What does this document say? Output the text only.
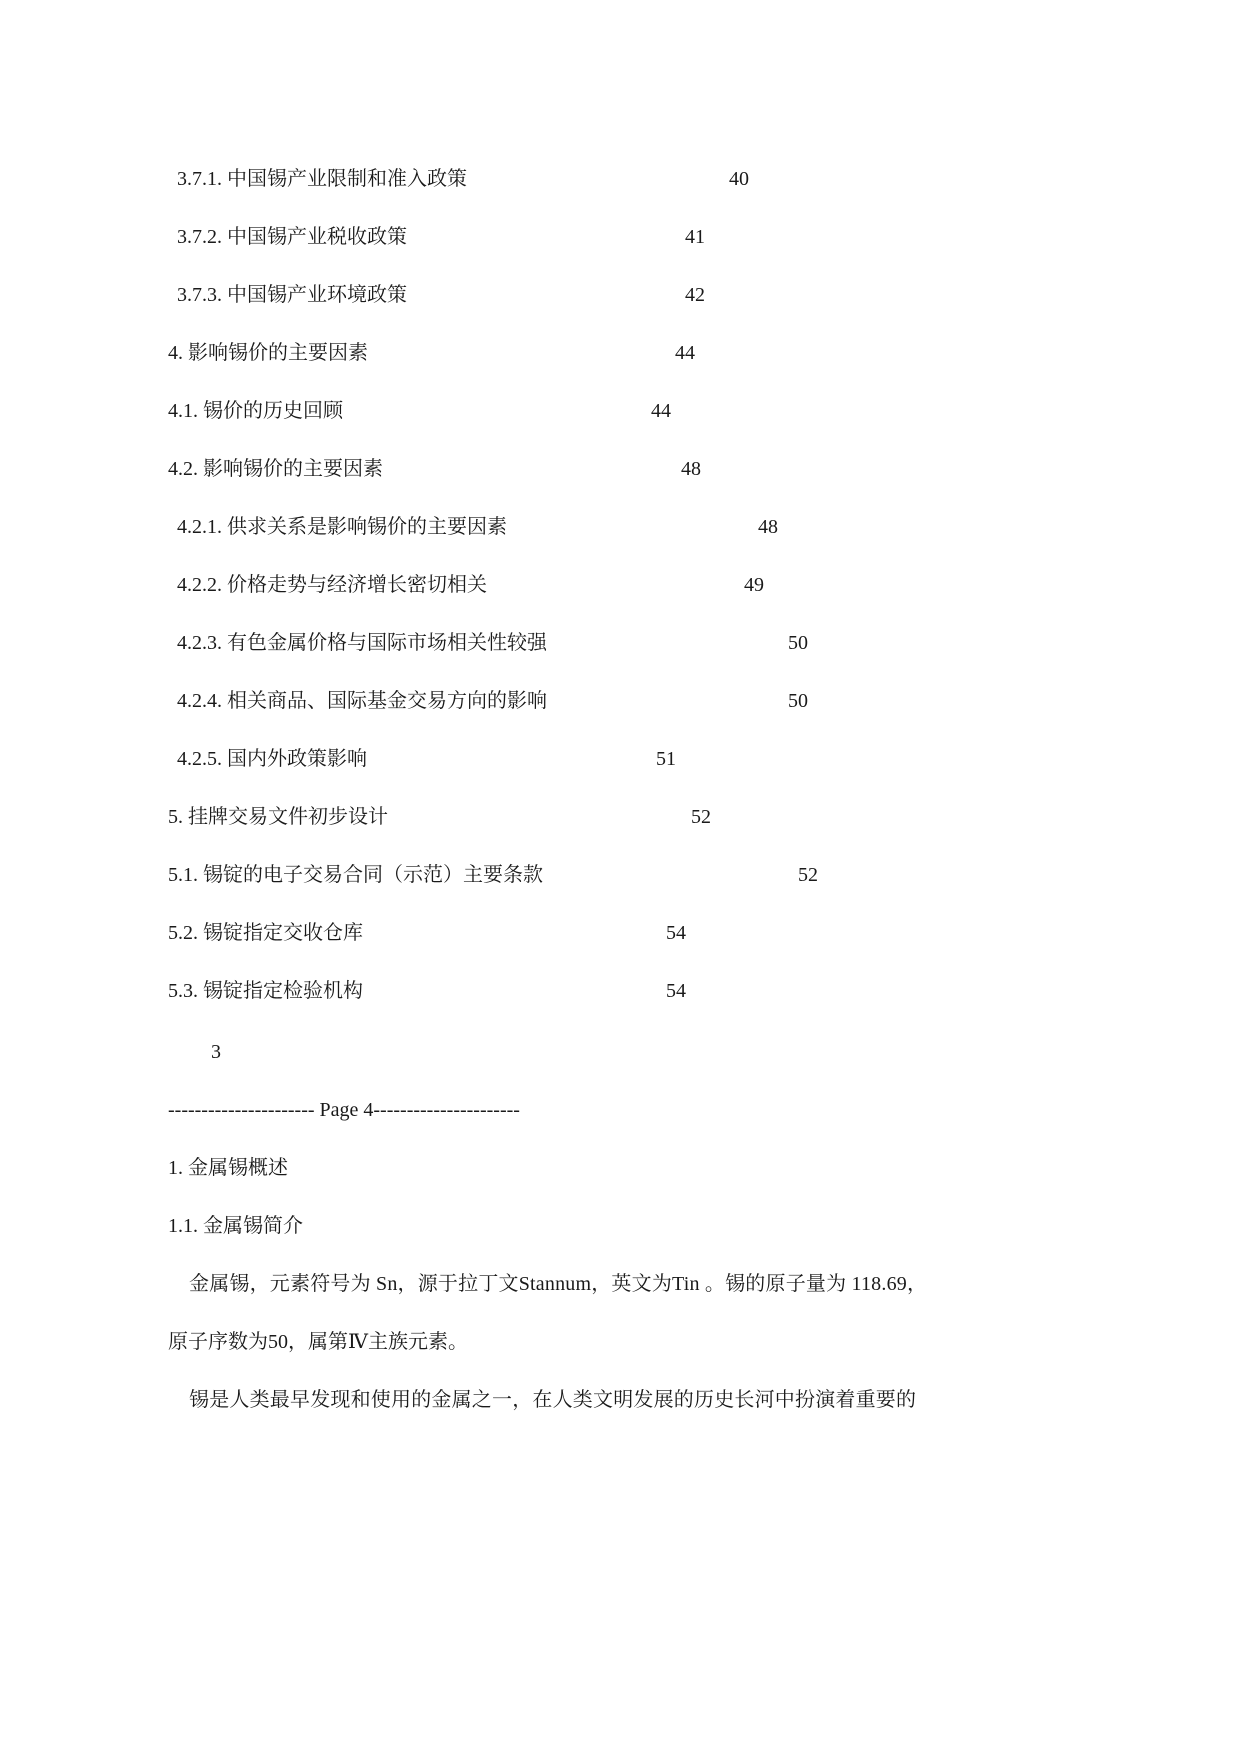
3.7.1. 中国锡产业限制和准入政策	40
3.7.2. 中国锡产业税收政策	41
3.7.3. 中国锡产业环境政策	42
4. 影响锡价的主要因素	44
4.1. 锡价的历史回顾	44
4.2. 影响锡价的主要因素	48
4.2.1. 供求关系是影响锡价的主要因素	48
4.2.2. 价格走势与经济增长密切相关	49
4.2.3. 有色金属价格与国际市场相关性较强	50
4.2.4. 相关商品、国际基金交易方向的影响	50
4.2.5. 国内外政策影响	51
5. 挂牌交易文件初步设计	52
5.1. 锡锭的电子交易合同（示范）主要条款	52
5.2. 锡锭指定交收仓库	54
5.3. 锡锭指定检验机构	54
3
---------------------- Page 4----------------------
1. 金属锡概述
1.1. 金属锡简介
金属锡，元素符号为 Sn，源于拉丁文Stannum，英文为Tin 。锡的原子量为 118.69，
原子序数为50，属第Ⅳ主族元素。
锡是人类最早发现和使用的金属之一，在人类文明发展的历史长河中扮演着重要的
